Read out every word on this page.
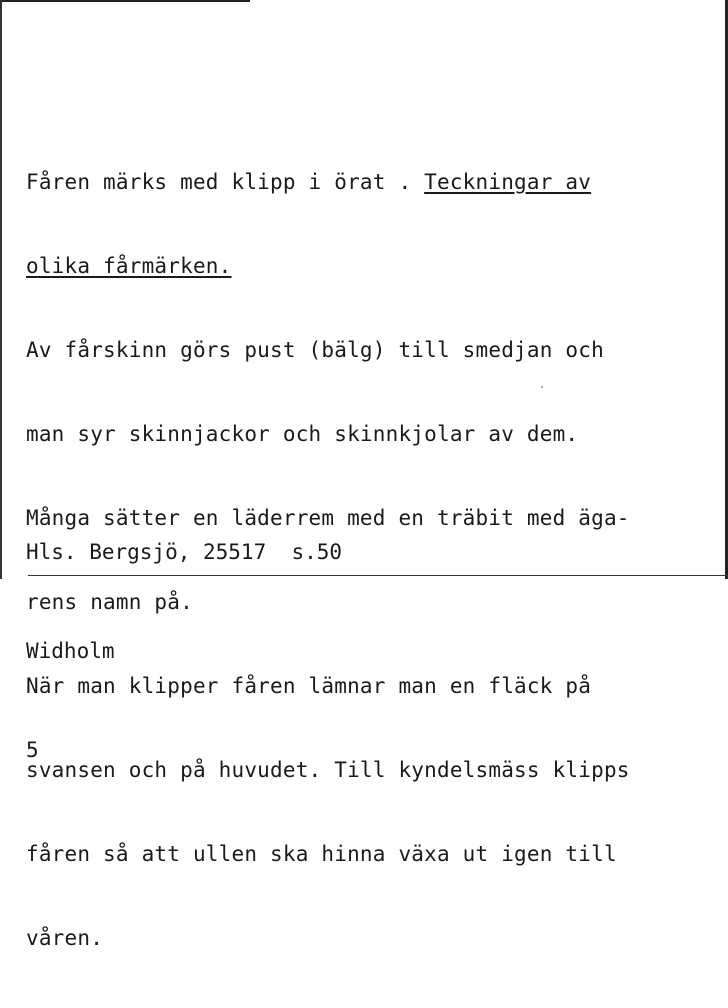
Fåren märks med klipp i örat . Teckningar av

olika fårmärken.

Av fårskinn görs pust (bälg) till smedjan och

man syr skinnjackor och skinnkjolar av dem.

Många sätter en läderrem med en träbit med äga-

rens namn på.

När man klipper fåren lämnar man en fläck på

svansen och på huvudet. Till kyndelsmäss klipps

fåren så att ullen ska hinna växa ut igen till

våren.

Hls. Bergsjö, 25517  s.50

Widholm

5
